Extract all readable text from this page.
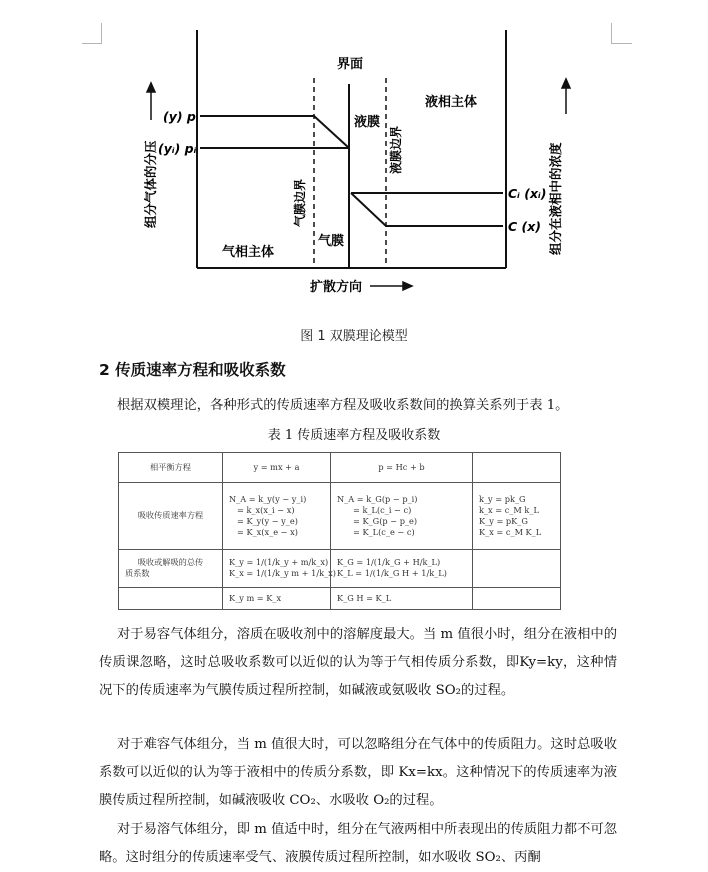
界面
液膜
液相主体
气膜
气相主体
(y) p
(yᵢ) pᵢ
Cᵢ (xᵢ)
C (x)
扩散方向
组分气体的分压	组分在液相中的浓度
气膜边界
液膜边界
图 1 双膜理论模型
2 传质速率方程和吸收系数
根据双模理论，各种形式的传质速率方程及吸收系数间的换算关系列于表 1。
表 1 传质速率方程及吸收系数
相平衡方程	y = mx + a	p = Hc + b	
吸收传质速率方程	N_A = k_y(y − y_i)
= k_x(x_i − x)
= K_y(y − y_e)
= K_x(x_e − x)	N_A = k_G(p − p_i)
= k_L(c_i − c)
= K_G(p − p_e)
= K_L(c_e − c)	k_y = pk_G
k_x = c_M k_L
K_y = pK_G
K_x = c_M K_L

吸收或解吸的总传
质系数	K_y = 1/(1/k_y + m/k_x)
K_x = 1/(1/k_y m + 1/k_x)	K_G = 1/(1/k_G + H/k_L)
K_L = 1/(1/k_G H + 1/k_L)	

	K_y m = K_x	K_G H = K_L	
对于易容气体组分，溶质在吸收剂中的溶解度最大。当 m 值很小时，组分在液相中的传质课忽略，这时总吸收系数可以近似的认为等于气相传质分系数，即Ky=ky，这种情况下的传质速率为气膜传质过程所控制，如碱液或氨吸收 SO₂的过程。
对于难容气体组分，当 m 值很大时，可以忽略组分在气体中的传质阻力。这时总吸收系数可以近似的认为等于液相中的传质分系数，即 Kx=kx。这种情况下的传质速率为液膜传质过程所控制，如碱液吸收 CO₂、水吸收 O₂的过程。
对于易溶气体组分，即 m 值适中时，组分在气液两相中所表现出的传质阻力都不可忽略。这时组分的传质速率受气、液膜传质过程所控制，如水吸收 SO₂、丙酮
